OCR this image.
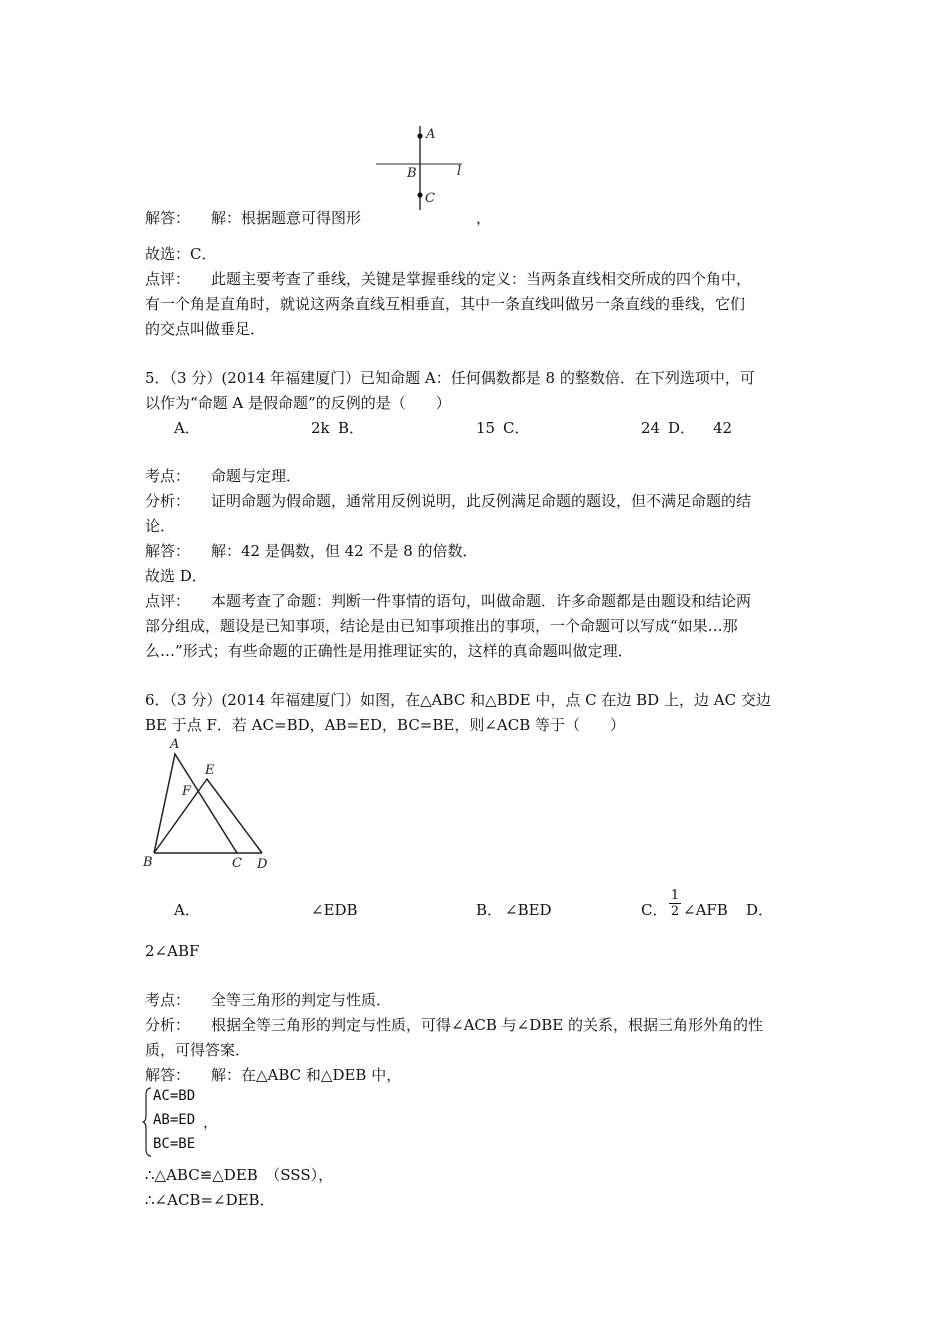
A
B
C
l
解答： 解：根据题意可得图形	，
故选：C．
点评： 此题主要考查了垂线，关键是掌握垂线的定义：当两条直线相交所成的四个角中，
有一个角是直角时，就说这两条直线互相垂直，其中一条直线叫做另一条直线的垂线，它们
的交点叫做垂足．
5．（3 分）(2014 年福建厦门）已知命题 A：任何偶数都是 8 的整数倍．在下列选项中，可
以作为“命题 A 是假命题”的反例的是（　　）
A．	2k B．	15 C．	24 D． 42
考点： 命题与定理．
分析： 证明命题为假命题，通常用反例说明，此反例满足命题的题设，但不满足命题的结
论．
解答： 解：42 是偶数，但 42 不是 8 的倍数．
故选 D．
点评： 本题考查了命题：判断一件事情的语句，叫做命题．许多命题都是由题设和结论两
部分组成，题设是已知事项，结论是由已知事项推出的事项，一个命题可以写成“如果…那
么…”形式；有些命题的正确性是用推理证实的，这样的真命题叫做定理．
6．（3 分）(2014 年福建厦门）如图，在△ABC 和△BDE 中，点 C 在边 BD 上，边 AC 交边
BE 于点 F．若 AC=BD，AB=ED，BC=BE，则∠ACB 等于（　　）
A
E
F
B	C D
A．	∠EDB	B． ∠BED	C．
1
2 ∠AFB D．
2∠ABF
考点： 全等三角形的判定与性质．
分析： 根据全等三角形的判定与性质，可得∠ACB 与∠DBE 的关系，根据三角形外角的性
质，可得答案．
解答： 解：在△ABC 和△DEB 中，
AC=BD
AB=ED
BC=BE
，
∴△ABC≌△DEB　（SSS），
∴∠ACB=∠DEB．
